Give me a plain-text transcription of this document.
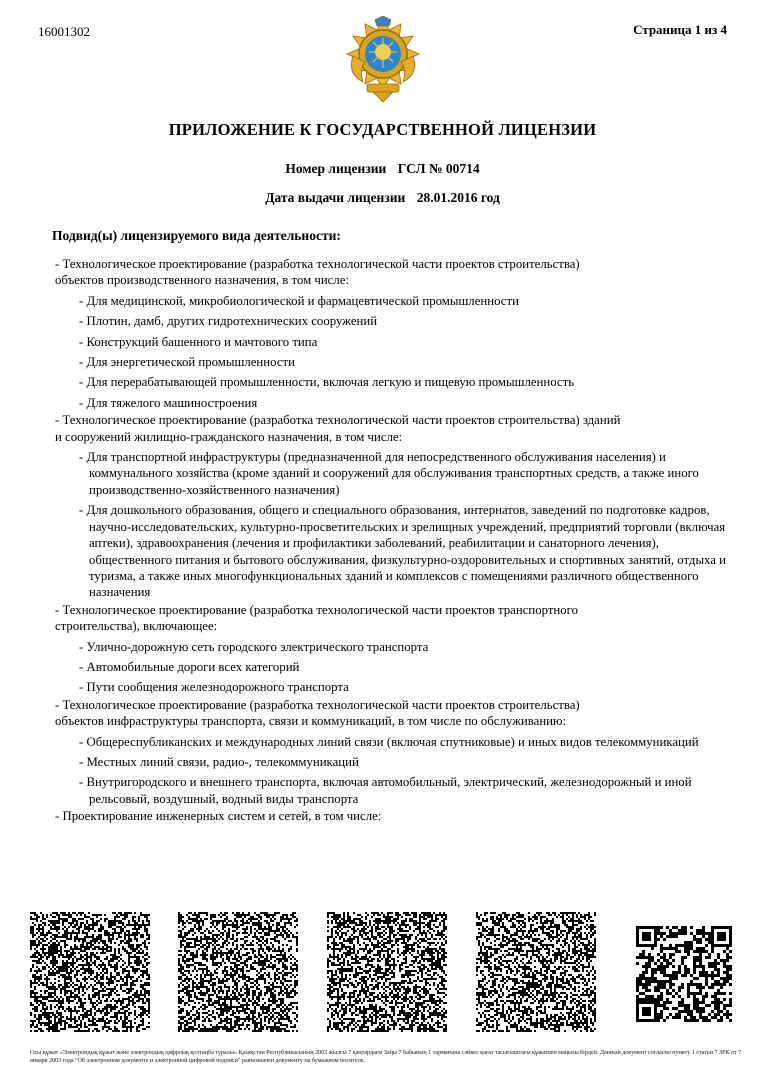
16001302	Страница 1 из 4
ПРИЛОЖЕНИЕ К ГОСУДАРСТВЕННОЙ ЛИЦЕНЗИИ
Номер лицензии ГСЛ № 00714
Дата выдачи лицензии 28.01.2016 год
Подвид(ы) лицензируемого вида деятельности:
- Технологическое проектирование (разработка технологической части проектов строительства)
объектов производственного назначения, в том числе:
- Для медицинской, микробиологической и фармацевтической промышленности
- Плотин, дамб, других гидротехнических сооружений
- Конструкций башенного и мачтового типа
- Для энергетической промышленности
- Для перерабатывающей промышленности, включая легкую и пищевую промышленность
- Для тяжелого машиностроения
- Технологическое проектирование (разработка технологической части проектов строительства) зданий
и сооружений жилищно-гражданского назначения, в том числе:
- Для транспортной инфраструктуры (предназначенной для непосредственного обслуживания населения) и коммунального хозяйства (кроме зданий и сооружений для обслуживания транспортных средств, а также иного производственно-хозяйственного назначения)
- Для дошкольного образования, общего и специального образования, интернатов, заведений по подготовке кадров, научно-исследовательских, культурно-просветительских и зрелищных учреждений, предприятий торговли (включая аптеки), здравоохранения (лечения и профилактики заболеваний, реабилитации и санаторного лечения), общественного питания и бытового обслуживания, физкультурно-оздоровительных и спортивных занятий, отдыха и туризма, а также иных многофункциональных зданий и комплексов с помещениями различного общественного назначения
- Технологическое проектирование (разработка технологической части проектов транспортного
строительства), включающее:
- Улично-дорожную сеть городского электрического транспорта
- Автомобильные дороги всех категорий
- Пути сообщения железнодорожного транспорта
- Технологическое проектирование (разработка технологической части проектов строительства)
объектов инфраструктуры транспорта, связи и коммуникаций, в том числе по обслуживанию:
- Общереспубликанских и международных линий связи (включая спутниковые) и иных видов телекоммуникаций
- Местных линий связи, радио-, телекоммуникаций
- Внутригородского и внешнего транспорта, включая автомобильный, электрический, железнодорожный и иной рельсовый, воздушный, водный виды транспорта
- Проектирование инженерных систем и сетей, в том числе:
Осы құжат «Электрондық құжат және электрондық цифрлық қолтаңба туралы» Қазақстан Республикасының 2003 жылғы 7 қаңтардағы Заңы 7 бабының 1 тармағына сәйкес қағаз тасығыштағы құжатпен маңызы бірдей. Данный документ согласно пункту 1 статьи 7 ЗРК от 7 января 2003 года "Об электронном документе и электронной цифровой подписи" равнозначен документу на бумажном носителе.
